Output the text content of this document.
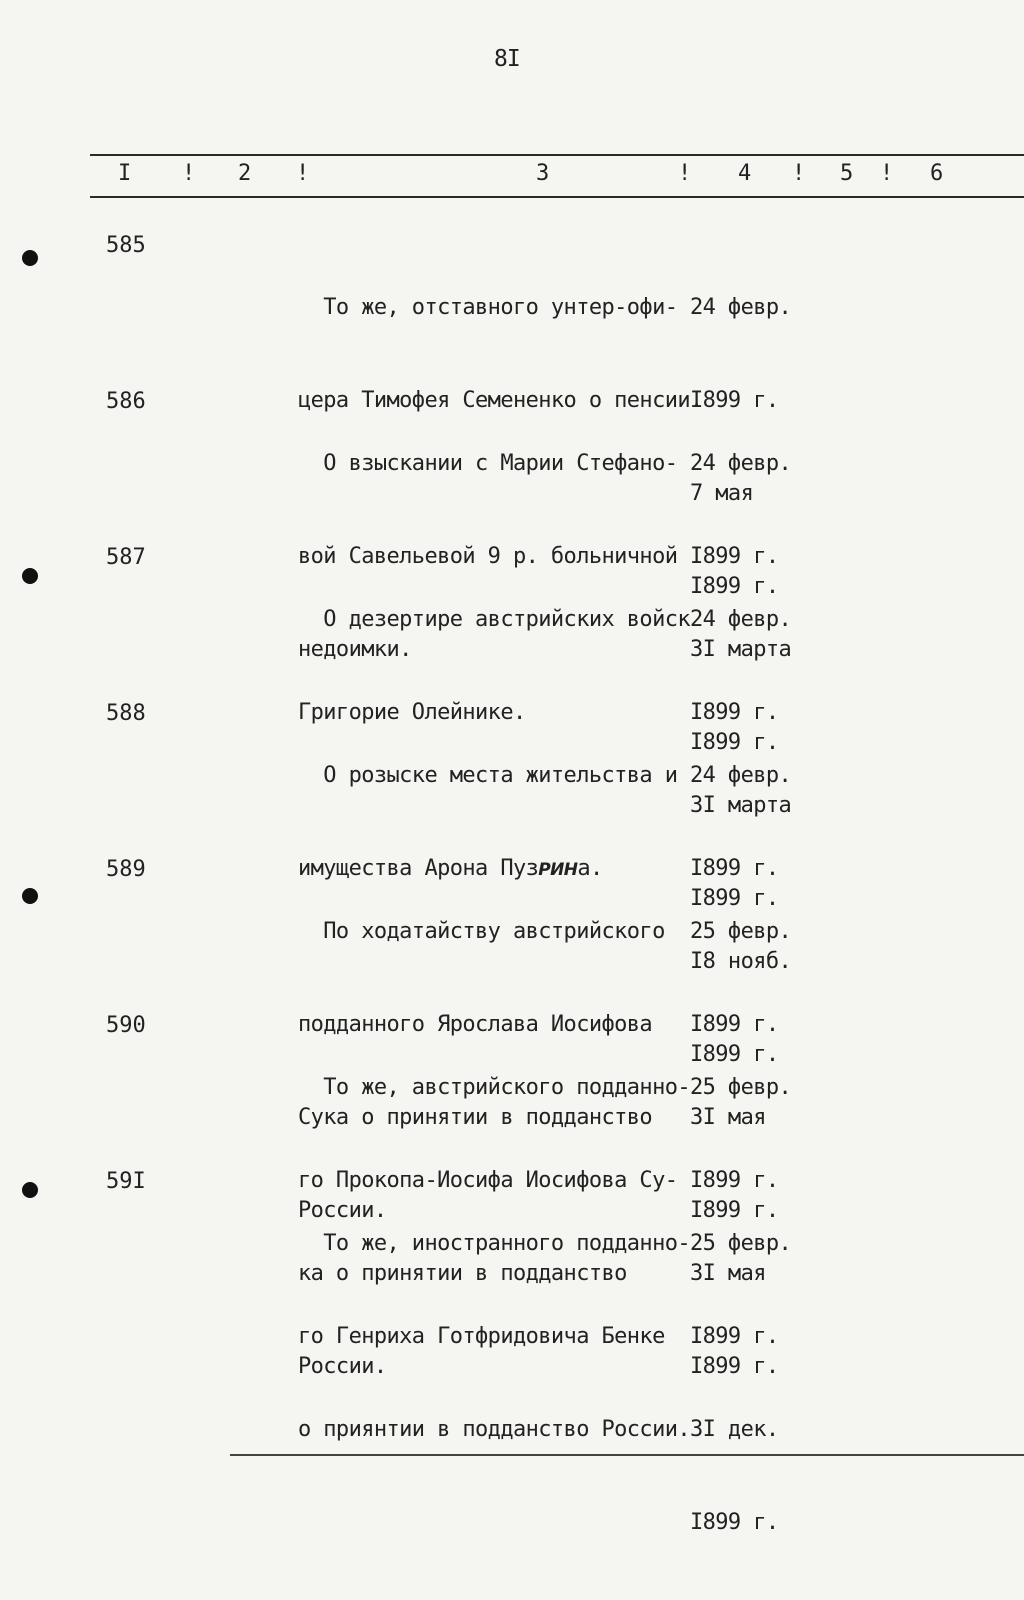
8I
I ! 2 !	3	! 4 ! 5 ! 6
585

То же, отставного унтер-офи-

цера Тимофея Семененко о пенсии.

24 февр.

I899 г.

7 мая

I899 г.

586

О взыскании с Марии Стефано-

вой Савельевой 9 р. больничной

недоимки.

24 февр.

I899 г.

3I марта

I899 г.

587

О дезертире австрийских войск

Григорие Олейнике.

24 февр.

I899 г.

3I марта

I899 г.

588

О розыске места жительства и

имущества Арона ПузРИНа.

24 февр.

I899 г.

I8 нояб.

I899 г.

589

По ходатайству австрийского

подданного Ярослава Иосифова

Сука о принятии в подданство

России.

25 февр.

I899 г.

3I мая

I899 г.

590

То же, австрийского подданно-

го Прокопа-Иосифа Иосифова Су-

ка о принятии в подданство

России.

25 февр.

I899 г.

3I мая

I899 г.

59I

То же, иностранного подданно-

го Генриха Готфридовича Бенке

о приянтии в подданство России.

25 февр.

I899 г.

3I дек.

I899 г.
